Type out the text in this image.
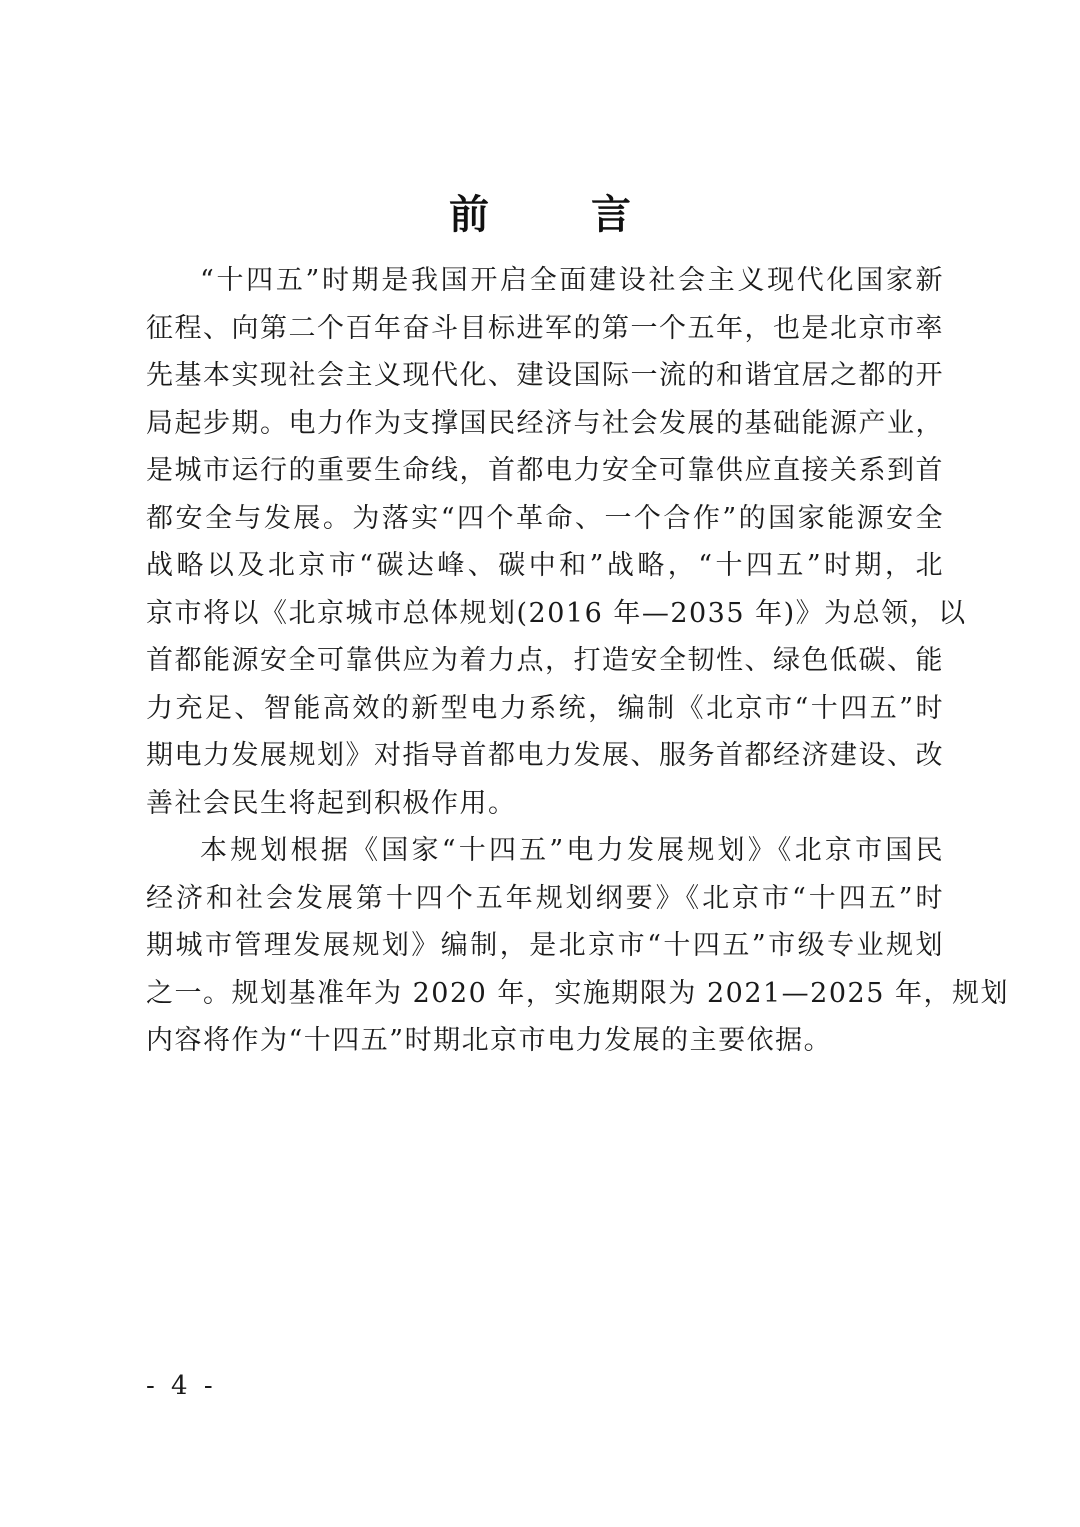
前 言
“十四五”时期是我国开启全面建设社会主义现代化国家新
征程、向第二个百年奋斗目标进军的第一个五年，也是北京市率
先基本实现社会主义现代化、建设国际一流的和谐宜居之都的开
局起步期。电力作为支撑国民经济与社会发展的基础能源产业，
是城市运行的重要生命线，首都电力安全可靠供应直接关系到首
都安全与发展。为落实“四个革命、一个合作”的国家能源安全
战略以及北京市“碳达峰、碳中和”战略，“十四五”时期，北
京市将以《北京城市总体规划(2016 年—2035 年)》为总领，以
首都能源安全可靠供应为着力点，打造安全韧性、绿色低碳、能
力充足、智能高效的新型电力系统，编制《北京市“十四五”时
期电力发展规划》对指导首都电力发展、服务首都经济建设、改
善社会民生将起到积极作用。
本规划根据《国家“十四五”电力发展规划》《北京市国民
经济和社会发展第十四个五年规划纲要》《北京市“十四五”时
期城市管理发展规划》编制，是北京市“十四五”市级专业规划
之一。规划基准年为 2020 年，实施期限为 2021—2025 年，规划
内容将作为“十四五”时期北京市电力发展的主要依据。
- 4 -
